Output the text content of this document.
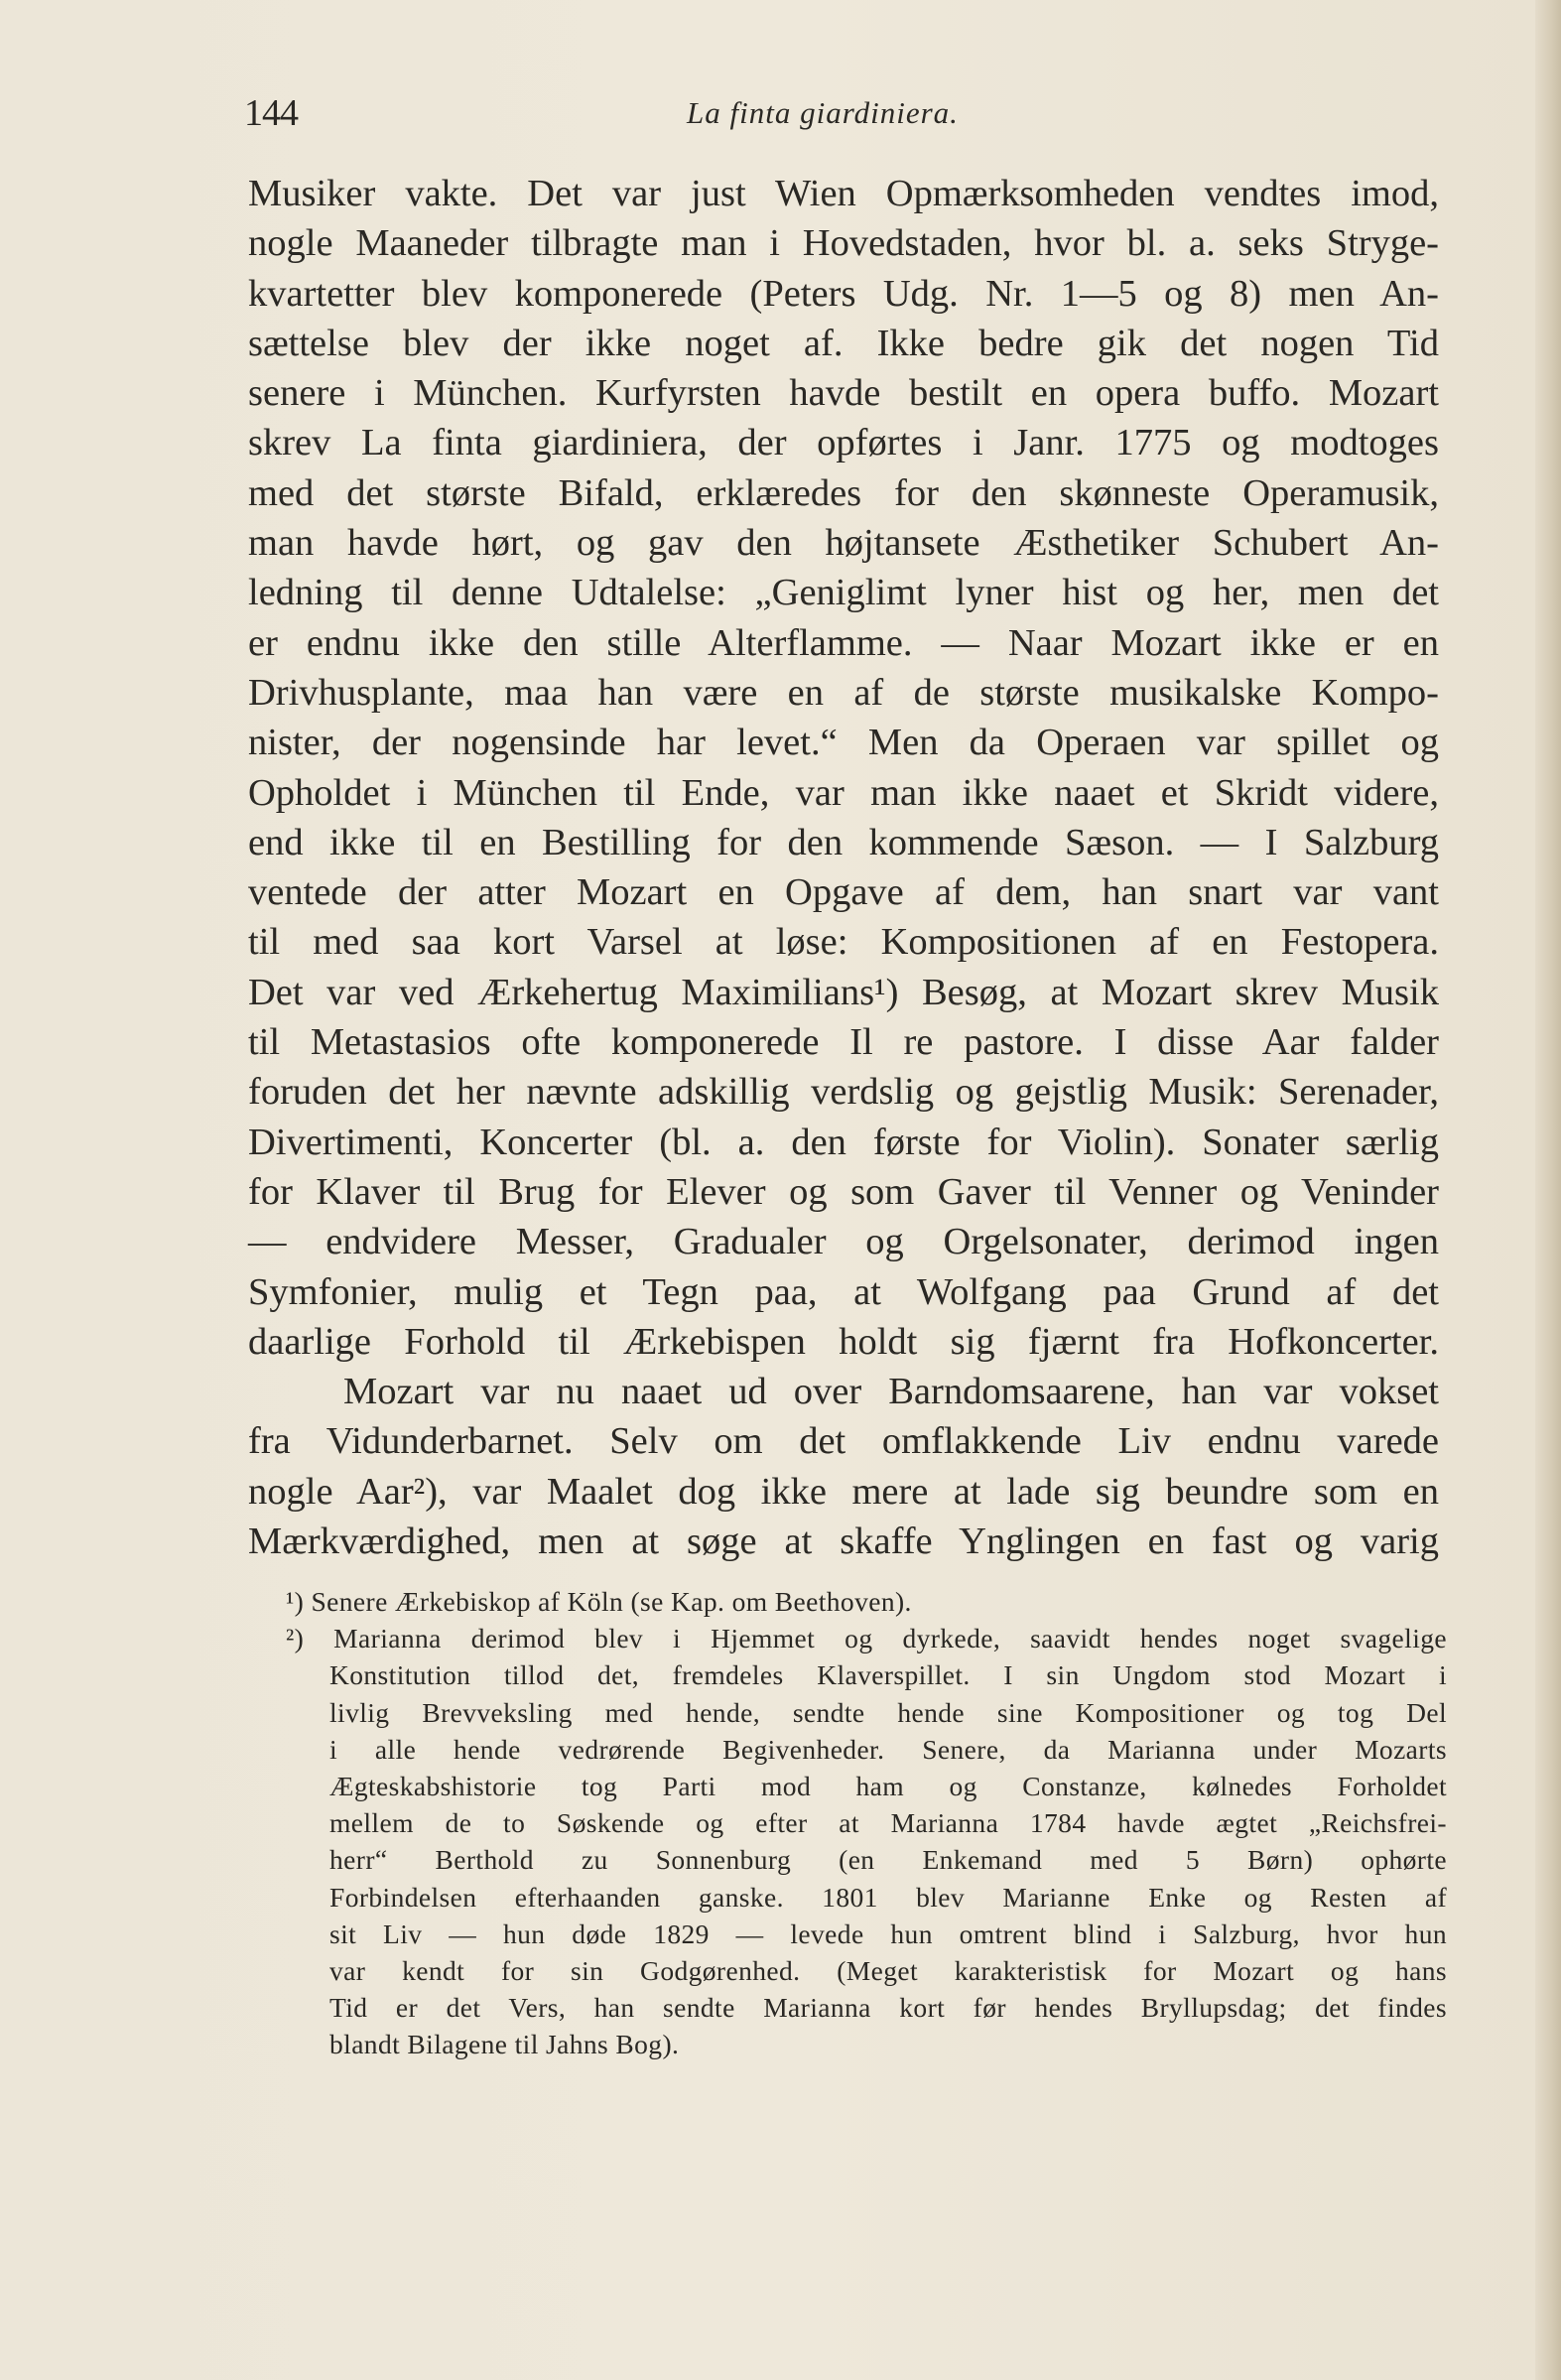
144	La finta giardiniera.
Musiker vakte. Det var just Wien Opmærksomheden vendtes imod,
nogle Maaneder tilbragte man i Hovedstaden, hvor bl. a. seks Stryge-
kvartetter blev komponerede (Peters Udg. Nr. 1—5 og 8) men An-
sættelse blev der ikke noget af. Ikke bedre gik det nogen Tid
senere i München. Kurfyrsten havde bestilt en opera buffo. Mozart
skrev La finta giardiniera, der opførtes i Janr. 1775 og modtoges
med det største Bifald, erklæredes for den skønneste Operamusik,
man havde hørt, og gav den højtansete Æsthetiker Schubert An-
ledning til denne Udtalelse: „Geniglimt lyner hist og her, men det
er endnu ikke den stille Alterflamme. — Naar Mozart ikke er en
Drivhusplante, maa han være en af de største musikalske Kompo-
nister, der nogensinde har levet.“ Men da Operaen var spillet og
Opholdet i München til Ende, var man ikke naaet et Skridt videre,
end ikke til en Bestilling for den kommende Sæson. — I Salzburg
ventede der atter Mozart en Opgave af dem, han snart var vant
til med saa kort Varsel at løse: Kompositionen af en Festopera.
Det var ved Ærkehertug Maximilians¹) Besøg, at Mozart skrev Musik
til Metastasios ofte komponerede Il re pastore. I disse Aar falder
foruden det her nævnte adskillig verdslig og gejstlig Musik: Serenader,
Divertimenti, Koncerter (bl. a. den første for Violin). Sonater særlig
for Klaver til Brug for Elever og som Gaver til Venner og Veninder
— endvidere Messer, Gradualer og Orgelsonater, derimod ingen
Symfonier, mulig et Tegn paa, at Wolfgang paa Grund af det
daarlige Forhold til Ærkebispen holdt sig fjærnt fra Hofkoncerter.
Mozart var nu naaet ud over Barndomsaarene, han var vokset
fra Vidunderbarnet. Selv om det omflakkende Liv endnu varede
nogle Aar²), var Maalet dog ikke mere at lade sig beundre som en
Mærkværdighed, men at søge at skaffe Ynglingen en fast og varig
¹) Senere Ærkebiskop af Köln (se Kap. om Beethoven).
²) Marianna derimod blev i Hjemmet og dyrkede, saavidt hendes noget svagelige
Konstitution tillod det, fremdeles Klaverspillet. I sin Ungdom stod Mozart i
livlig Brevveksling med hende, sendte hende sine Kompositioner og tog Del
i alle hende vedrørende Begivenheder. Senere, da Marianna under Mozarts
Ægteskabshistorie tog Parti mod ham og Constanze, kølnedes Forholdet
mellem de to Søskende og efter at Marianna 1784 havde ægtet „Reichsfrei-
herr“ Berthold zu Sonnenburg (en Enkemand med 5 Børn) ophørte
Forbindelsen efterhaanden ganske. 1801 blev Marianne Enke og Resten af
sit Liv — hun døde 1829 — levede hun omtrent blind i Salzburg, hvor hun
var kendt for sin Godgørenhed. (Meget karakteristisk for Mozart og hans
Tid er det Vers, han sendte Marianna kort før hendes Bryllupsdag; det findes
blandt Bilagene til Jahns Bog).
